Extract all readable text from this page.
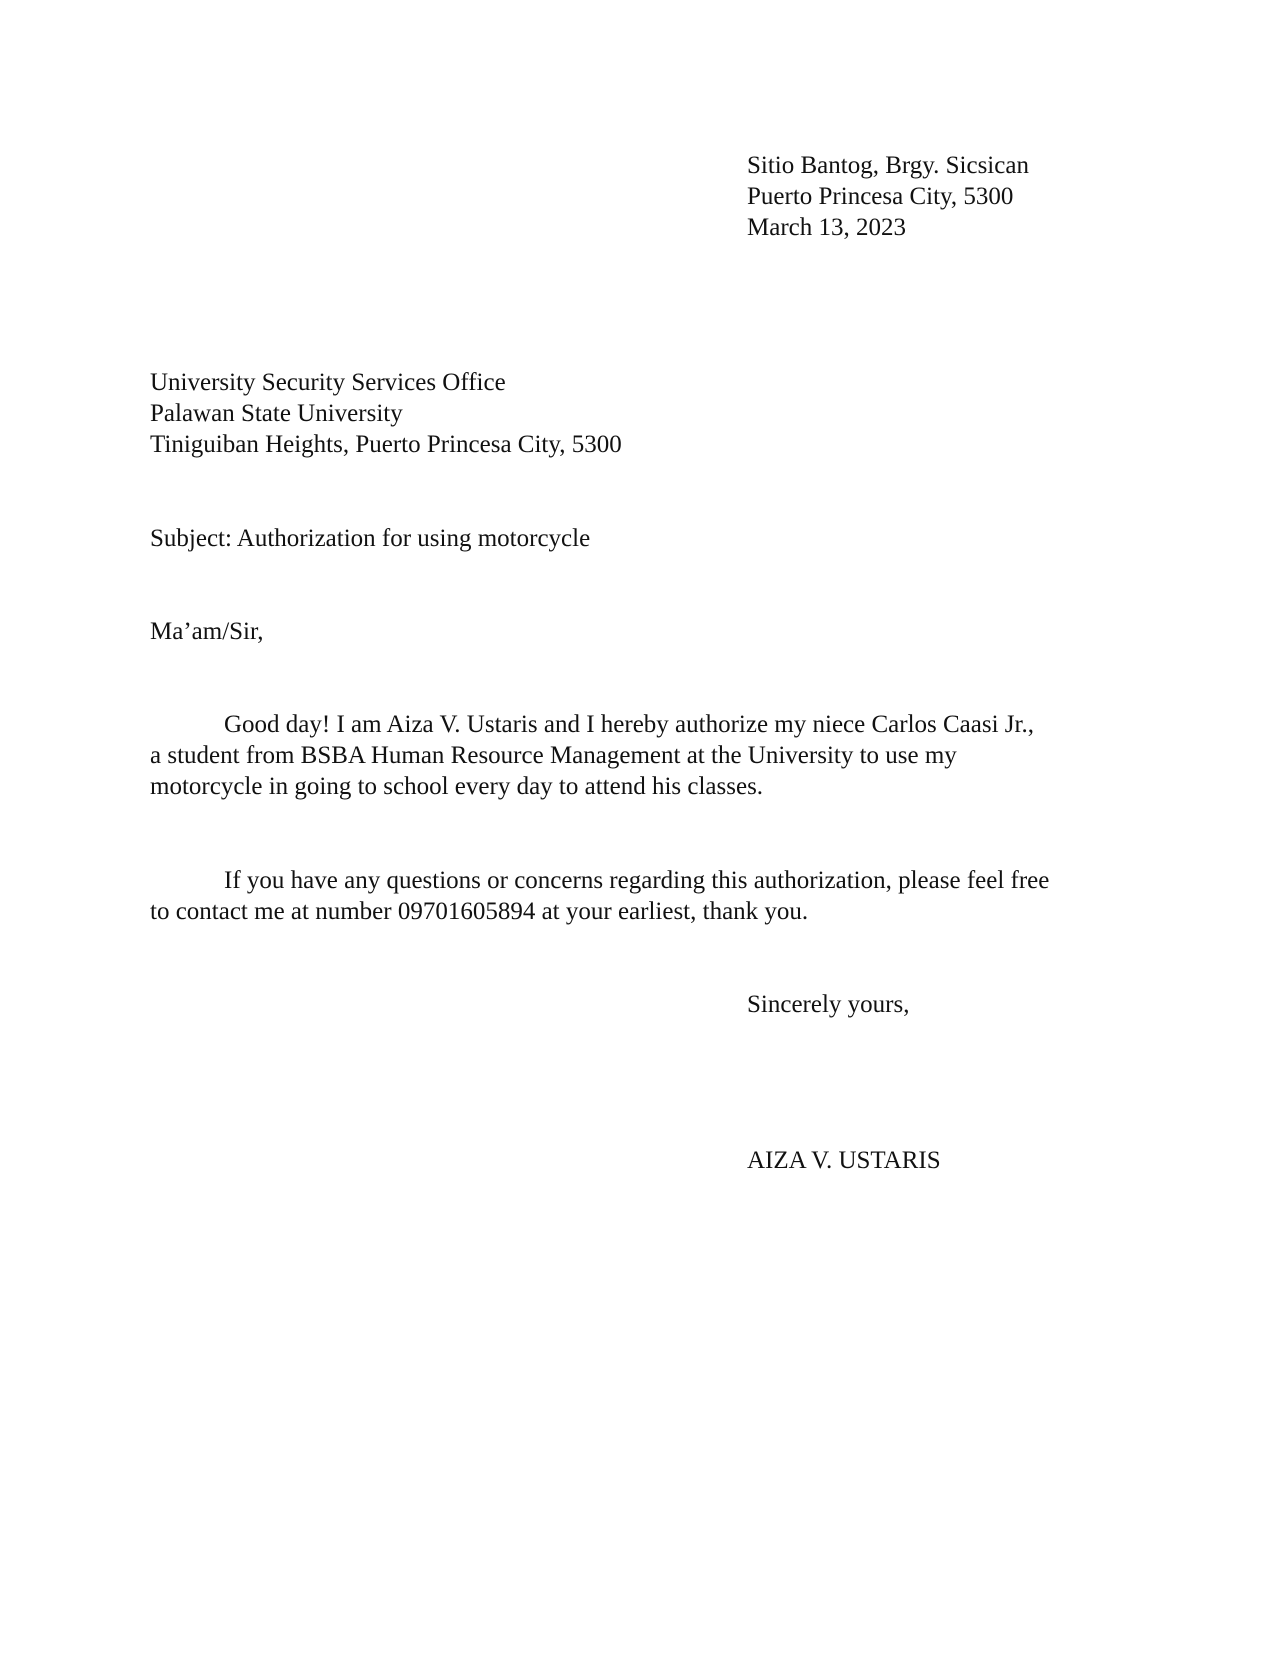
Sitio Bantog, Brgy. Sicsican
Puerto Princesa City, 5300
March 13, 2023
University Security Services Office
Palawan State University
Tiniguiban Heights, Puerto Princesa City, 5300
Subject: Authorization for using motorcycle
Ma’am/Sir,
Good day! I am Aiza V. Ustaris and I hereby authorize my niece Carlos Caasi Jr.,
a student from BSBA Human Resource Management at the University to use my
motorcycle in going to school every day to attend his classes.
If you have any questions or concerns regarding this authorization, please feel free
to contact me at number 09701605894 at your earliest, thank you.
Sincerely yours,
AIZA V. USTARIS
